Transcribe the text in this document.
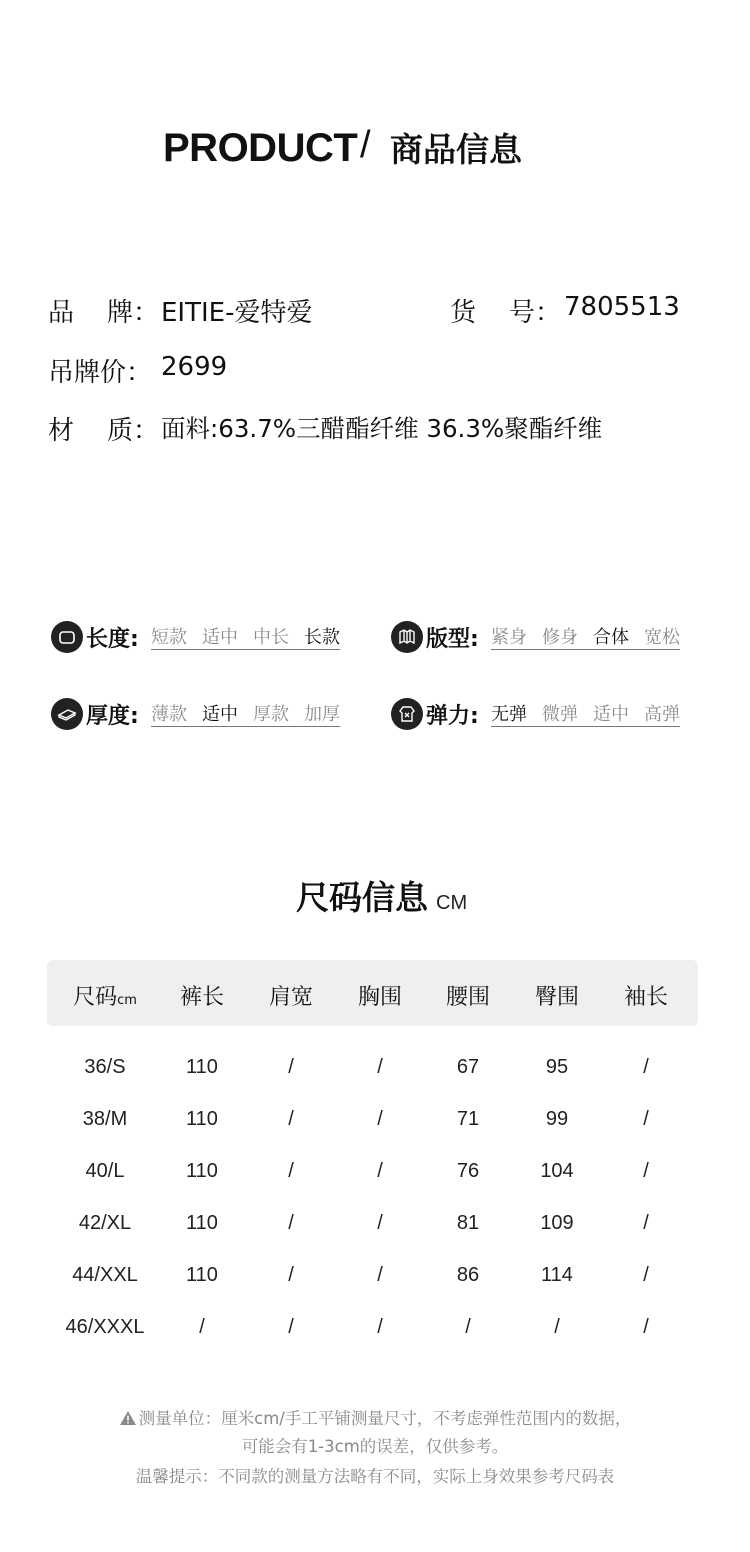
PRODUCT / 商品信息
品    牌： EITIE-爱特爱	货    号： 7805513
吊牌价： 2699
材    质： 面料:63.7%三醋酯纤维 36.3%聚酯纤维
长度: 短款 适中 中长 长款	版型: 紧身 修身 合体 宽松
厚度: 薄款 适中 厚款 加厚	弹力: 无弹 微弹 适中 高弹
尺码信息 CM
尺码cm	裤长	肩宽	胸围	腰围	臀围	袖长
36/S	110	/	/	67	95	/
38/M	110	/	/	71	99	/
40/L	110	/	/	76	104	/
42/XL	110	/	/	81	109	/
44/XXL	110	/	/	86	114	/
46/XXXL	/	/	/	/	/	/
测量单位：厘米cm/手工平铺测量尺寸，不考虑弹性范围内的数据，
可能会有1-3cm的误差，仅供参考。
温馨提示：不同款的测量方法略有不同，实际上身效果参考尺码表
